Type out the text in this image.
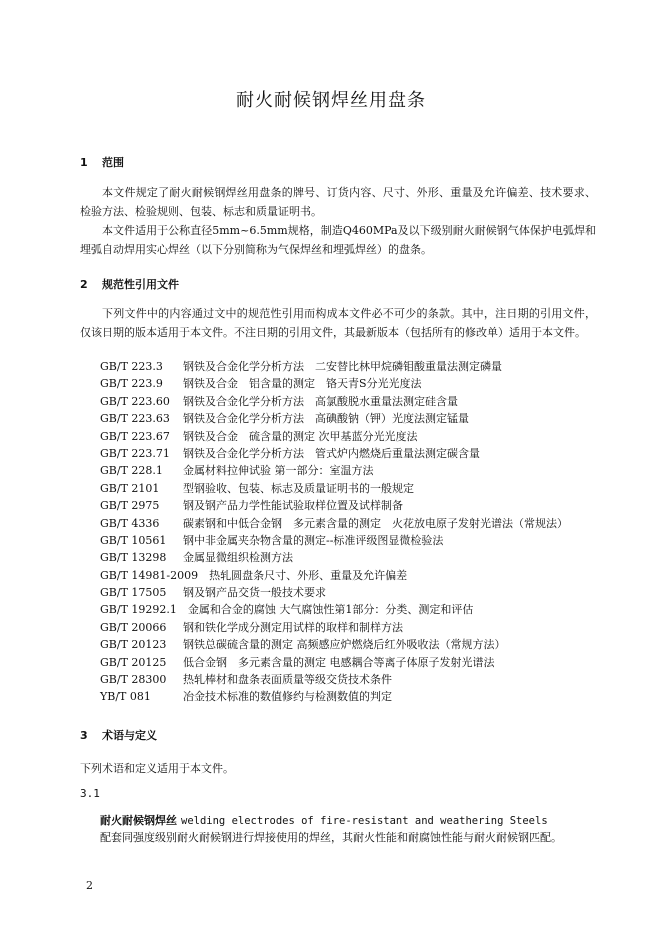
耐火耐候钢焊丝用盘条
1 范围

本文件规定了耐火耐候钢焊丝用盘条的牌号、订货内容、尺寸、外形、重量及允许偏差、技术要求、检验方法、检验规则、包装、标志和质量证明书。

本文件适用于公称直径5mm~6.5mm规格，制造Q460MPa及以下级别耐火耐候钢气体保护电弧焊和埋弧自动焊用实心焊丝（以下分别简称为气保焊丝和埋弧焊丝）的盘条。

2 规范性引用文件

下列文件中的内容通过文中的规范性引用而构成本文件必不可少的条款。其中，注日期的引用文件，仅该日期的版本适用于本文件。不注日期的引用文件，其最新版本（包括所有的修改单）适用于本文件。

GB/T 223.3　 钢铁及合金化学分析方法　二安替比林甲烷磷钼酸重量法测定磷量
GB/T 223.9　 钢铁及合金　铝含量的测定　铬天青S分光光度法
GB/T 223.60　 钢铁及合金化学分析方法　高氯酸脱水重量法测定硅含量
GB/T 223.63　 钢铁及合金化学分析方法　高碘酸钠（钾）光度法测定锰量
GB/T 223.67　 钢铁及合金　硫含量的测定 次甲基蓝分光光度法
GB/T 223.71　 钢铁及合金化学分析方法　管式炉内燃烧后重量法测定碳含量
GB/T 228.1　 金属材料拉伸试验 第一部分：室温方法
GB/T 2101　 型钢验收、包装、标志及质量证明书的一般规定
GB/T 2975　 钢及钢产品力学性能试验取样位置及试样制备
GB/T 4336　 碳素钢和中低合金钢　多元素含量的测定　火花放电原子发射光谱法（常规法）
GB/T 10561　 钢中非金属夹杂物含量的测定--标准评级图显微检验法
GB/T 13298　 金属显微组织检测方法
GB/T 14981-2009　 热轧圆盘条尺寸、外形、重量及允许偏差
GB/T 17505　 钢及钢产品交货一般技术要求
GB/T 19292.1　 金属和合金的腐蚀 大气腐蚀性第1部分：分类、测定和评估
GB/T 20066　 钢和铁化学成分测定用试样的取样和制样方法
GB/T 20123　 钢铁总碳硫含量的测定 高频感应炉燃烧后红外吸收法（常规方法）
GB/T 20125　 低合金钢　多元素含量的测定 电感耦合等离子体原子发射光谱法
GB/T 28300　 热轧棒材和盘条表面质量等级交货技术条件
YB/T 081　	冶金技术标准的数值修约与检测数值的判定
3 术语与定义

下列术语和定义适用于本文件。

3.1
耐火耐候钢焊丝 welding electrodes of fire-resistant and weathering Steels
配套同强度级别耐火耐候钢进行焊接使用的焊丝，其耐火性能和耐腐蚀性能与耐火耐候钢匹配。
2
